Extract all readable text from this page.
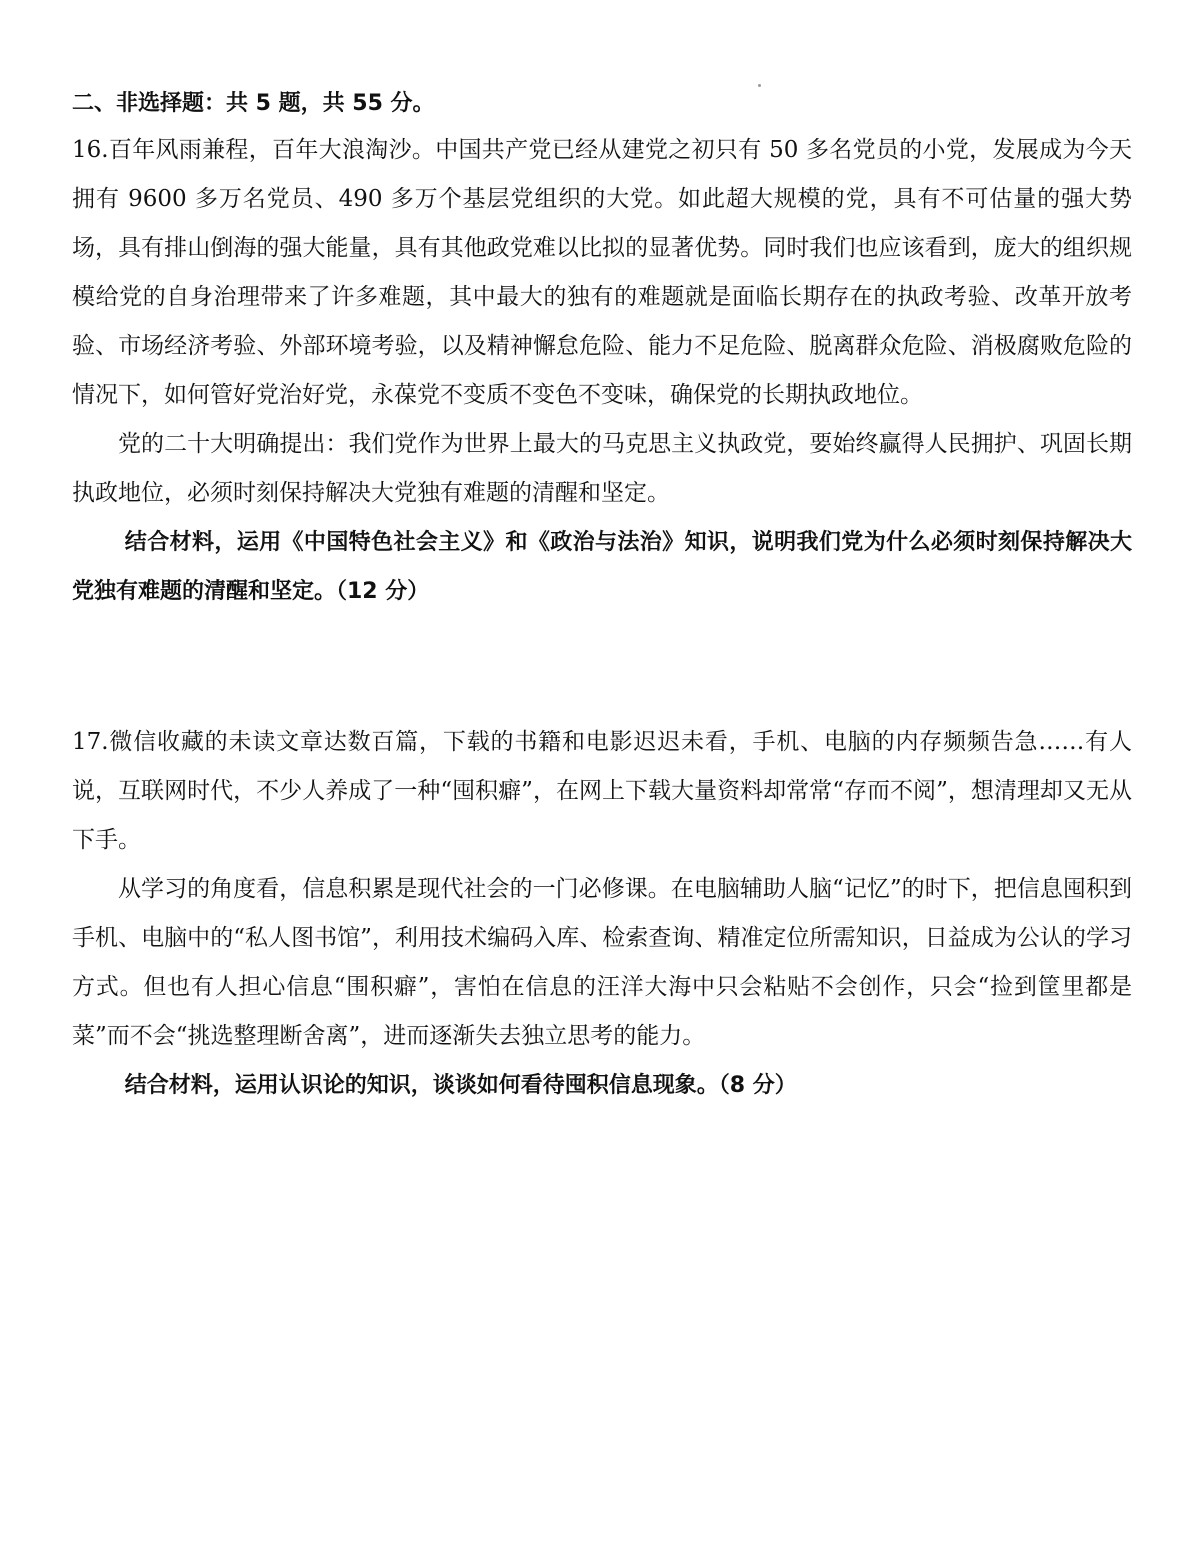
二、非选择题：共 5 题，共 55 分。

16.百年风雨兼程，百年大浪淘沙。中国共产党已经从建党之初只有 50 多名党员的小党，发展成为今天拥有 9600 多万名党员、490 多万个基层党组织的大党。如此超大规模的党，具有不可估量的强大势场，具有排山倒海的强大能量，具有其他政党难以比拟的显著优势。同时我们也应该看到，庞大的组织规模给党的自身治理带来了许多难题，其中最大的独有的难题就是面临长期存在的执政考验、改革开放考验、市场经济考验、外部环境考验，以及精神懈怠危险、能力不足危险、脱离群众危险、消极腐败危险的情况下，如何管好党治好党，永葆党不变质不变色不变味，确保党的长期执政地位。

党的二十大明确提出：我们党作为世界上最大的马克思主义执政党，要始终赢得人民拥护、巩固长期执政地位，必须时刻保持解决大党独有难题的清醒和坚定。

结合材料，运用《中国特色社会主义》和《政治与法治》知识，说明我们党为什么必须时刻保持解决大党独有难题的清醒和坚定。（12 分）

17.微信收藏的未读文章达数百篇，下载的书籍和电影迟迟未看，手机、电脑的内存频频告急……有人说，互联网时代，不少人养成了一种“囤积癖”，在网上下载大量资料却常常“存而不阅”，想清理却又无从下手。

从学习的角度看，信息积累是现代社会的一门必修课。在电脑辅助人脑“记忆”的时下，把信息囤积到手机、电脑中的“私人图书馆”，利用技术编码入库、检索查询、精准定位所需知识，日益成为公认的学习方式。但也有人担心信息“围积癖”，害怕在信息的汪洋大海中只会粘贴不会创作，只会“捡到筐里都是菜”而不会“挑选整理断舍离”，进而逐渐失去独立思考的能力。

结合材料，运用认识论的知识，谈谈如何看待囤积信息现象。（8 分）
